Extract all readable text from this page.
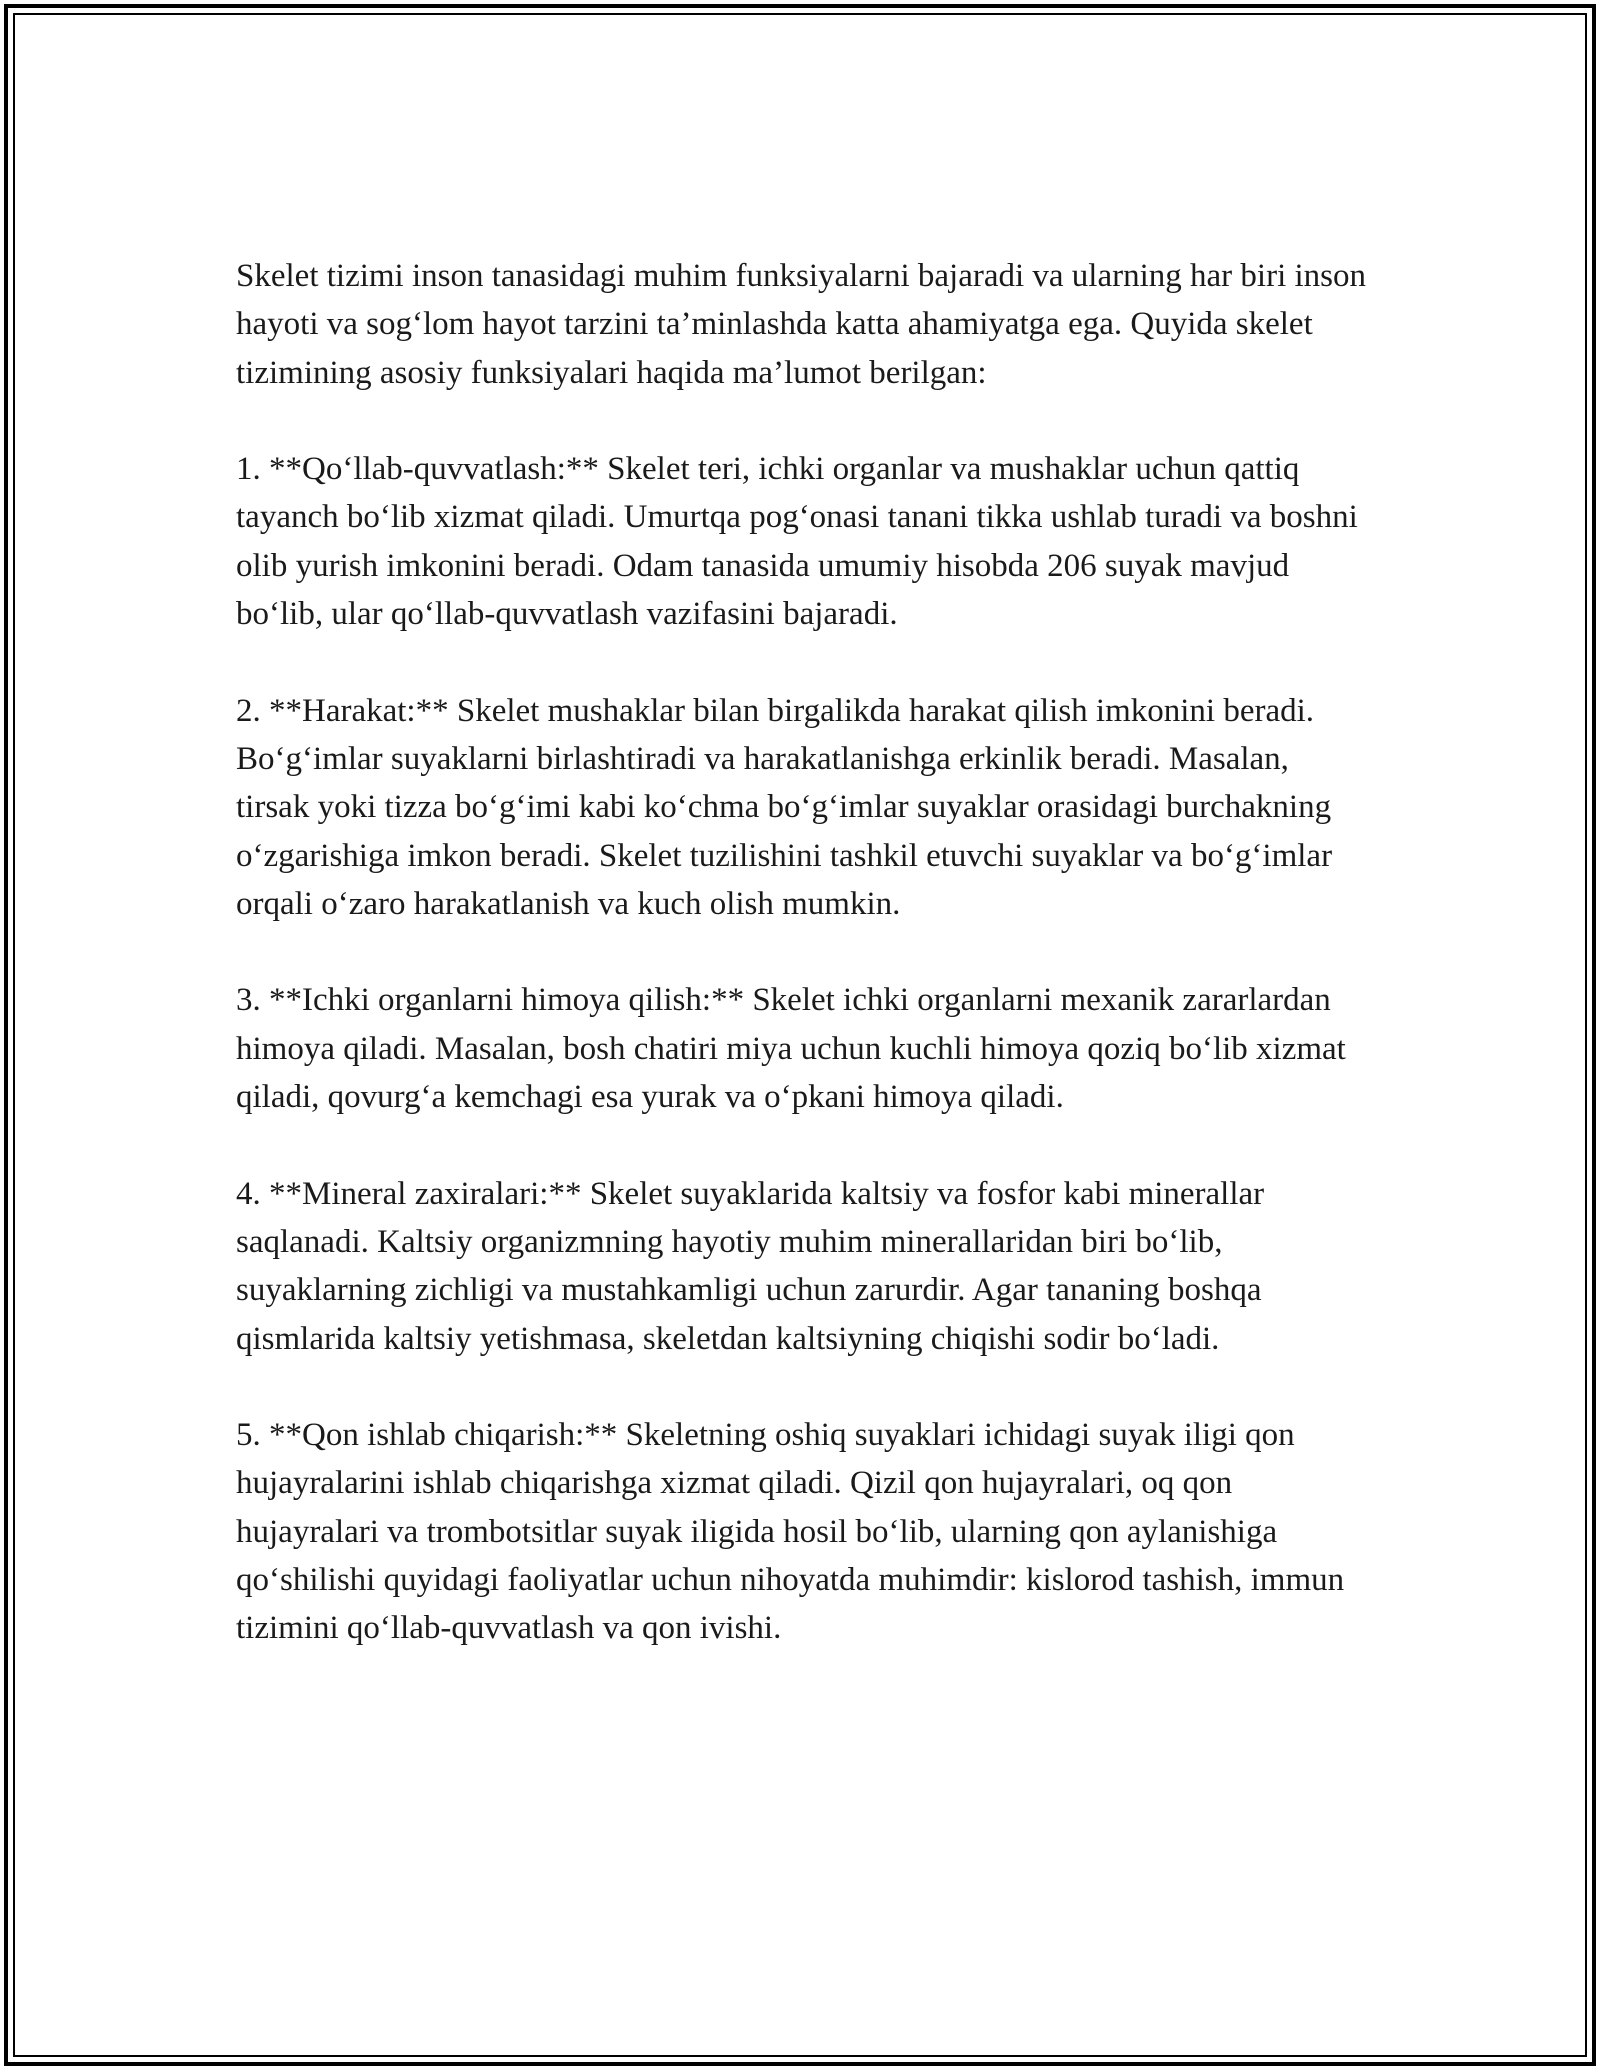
Skelet tizimi inson tanasidagi muhim funksiyalarni bajaradi va ularning har biri inson hayoti va sog‘lom hayot tarzini ta’minlashda katta ahamiyatga ega. Quyida skelet tizimining asosiy funksiyalari haqida ma’lumot berilgan:

1. **Qo‘llab-quvvatlash:** Skelet teri, ichki organlar va mushaklar uchun qattiq tayanch bo‘lib xizmat qiladi. Umurtqa pog‘onasi tanani tikka ushlab turadi va boshni olib yurish imkonini beradi. Odam tanasida umumiy hisobda 206 suyak mavjud bo‘lib, ular qo‘llab-quvvatlash vazifasini bajaradi.

2. **Harakat:** Skelet mushaklar bilan birgalikda harakat qilish imkonini beradi. Bo‘g‘imlar suyaklarni birlashtiradi va harakatlanishga erkinlik beradi. Masalan, tirsak yoki tizza bo‘g‘imi kabi ko‘chma bo‘g‘imlar suyaklar orasidagi burchakning o‘zgarishiga imkon beradi. Skelet tuzilishini tashkil etuvchi suyaklar va bo‘g‘imlar orqali o‘zaro harakatlanish va kuch olish mumkin.

3. **Ichki organlarni himoya qilish:** Skelet ichki organlarni mexanik zararlardan himoya qiladi. Masalan, bosh chatiri miya uchun kuchli himoya qoziq bo‘lib xizmat qiladi, qovurg‘a kemchagi esa yurak va o‘pkani himoya qiladi.

4. **Mineral zaxiralari:** Skelet suyaklarida kaltsiy va fosfor kabi minerallar saqlanadi. Kaltsiy organizmning hayotiy muhim minerallaridan biri bo‘lib, suyaklarning zichligi va mustahkamligi uchun zarurdir. Agar tananing boshqa qismlarida kaltsiy yetishmasa, skeletdan kaltsiyning chiqishi sodir bo‘ladi.

5. **Qon ishlab chiqarish:** Skeletning oshiq suyaklari ichidagi suyak iligi qon hujayralarini ishlab chiqarishga xizmat qiladi. Qizil qon hujayralari, oq qon hujayralari va trombotsitlar suyak iligida hosil bo‘lib, ularning qon aylanishiga qo‘shilishi quyidagi faoliyatlar uchun nihoyatda muhimdir: kislorod tashish, immun tizimini qo‘llab-quvvatlash va qon ivishi.
